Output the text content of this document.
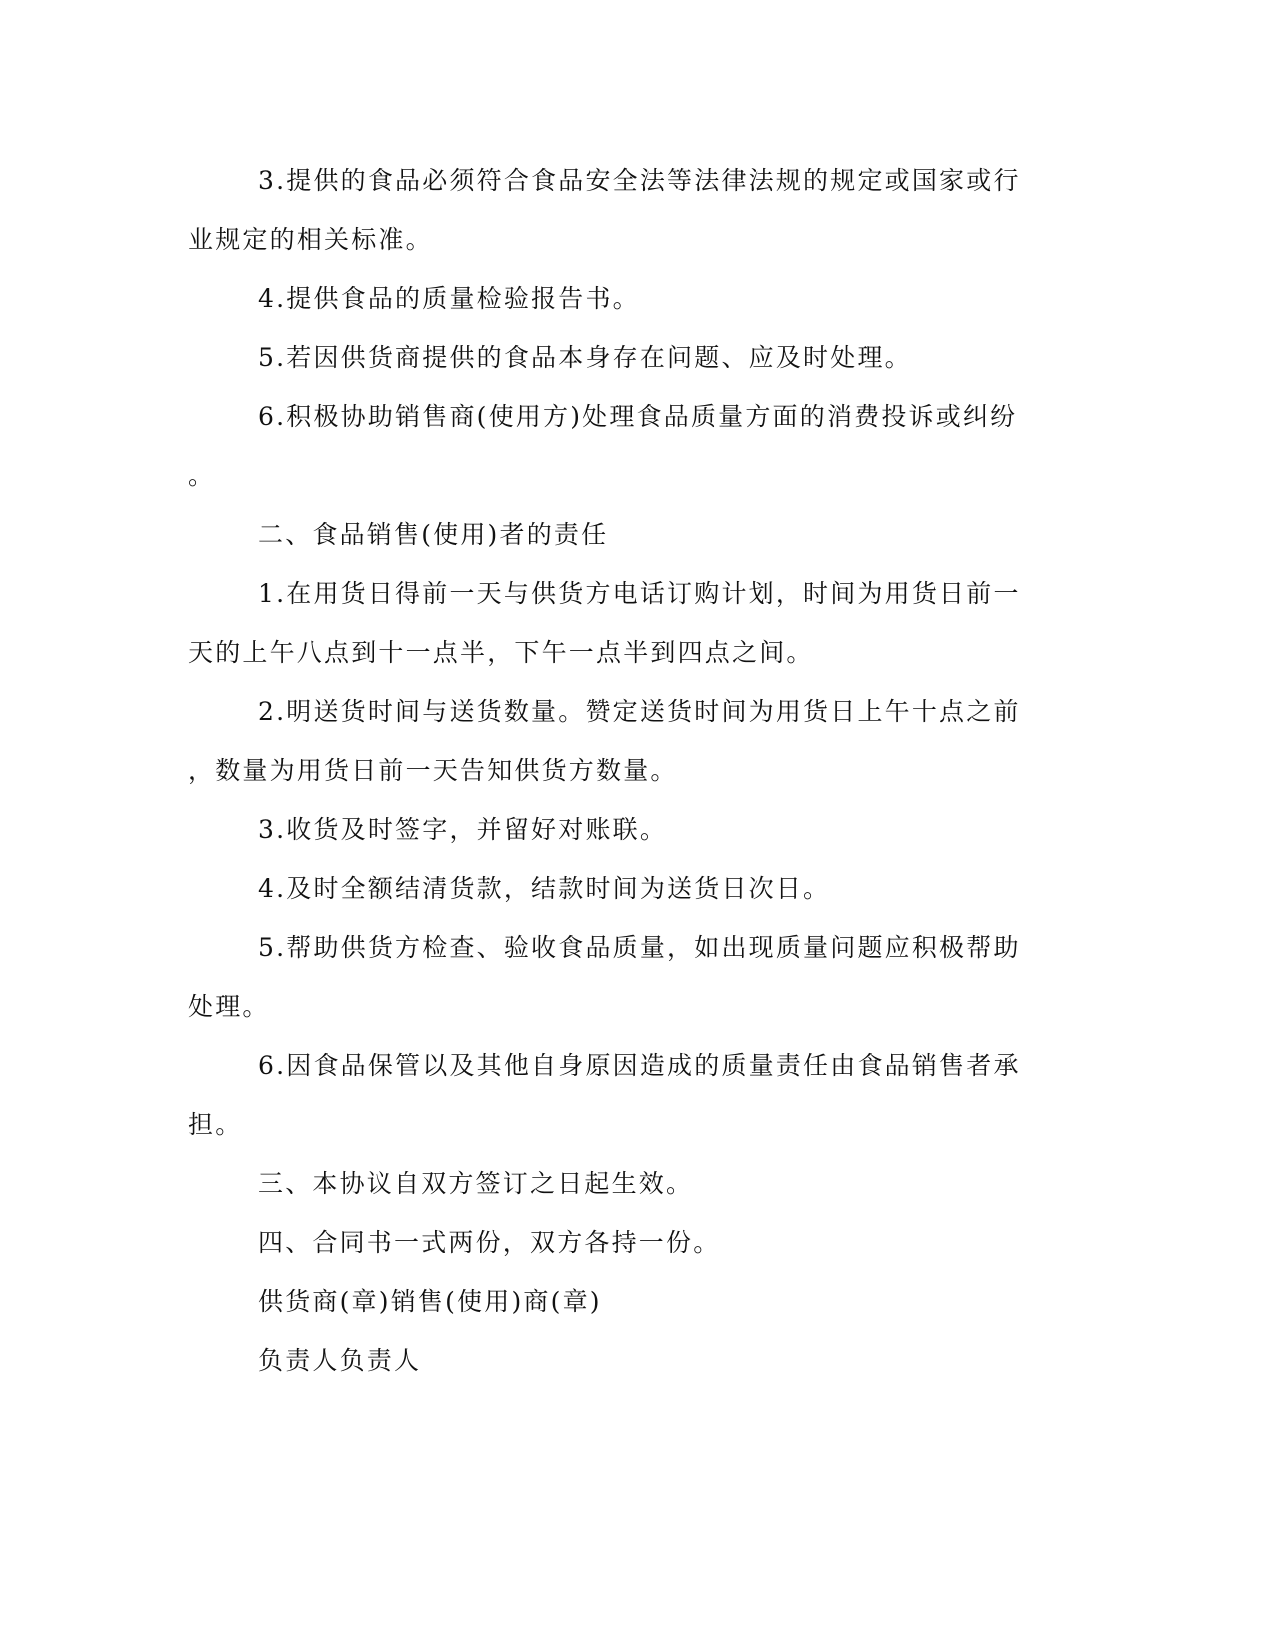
3.提供的食品必须符合食品安全法等法律法规的规定或国家或行
业规定的相关标准。
4.提供食品的质量检验报告书。
5.若因供货商提供的食品本身存在问题、应及时处理。
6.积极协助销售商(使用方)处理食品质量方面的消费投诉或纠纷
。
二、食品销售(使用)者的责任
1.在用货日得前一天与供货方电话订购计划，时间为用货日前一
天的上午八点到十一点半，下午一点半到四点之间。
2.明送货时间与送货数量。赞定送货时间为用货日上午十点之前
，数量为用货日前一天告知供货方数量。
3.收货及时签字，并留好对账联。
4.及时全额结清货款，结款时间为送货日次日。
5.帮助供货方检查、验收食品质量，如出现质量问题应积极帮助
处理。
6.因食品保管以及其他自身原因造成的质量责任由食品销售者承
担。
三、本协议自双方签订之日起生效。
四、合同书一式两份，双方各持一份。
供货商(章)销售(使用)商(章)
负责人负责人
